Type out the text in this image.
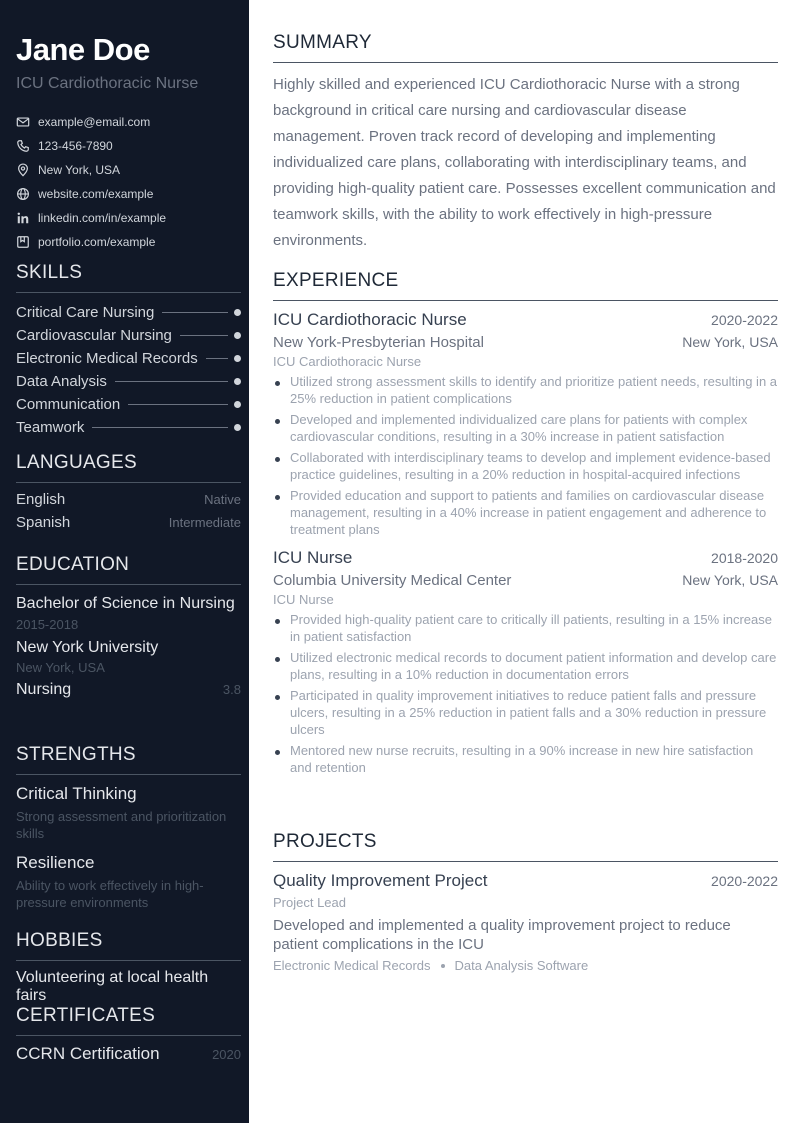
Jane Doe
ICU Cardiothoracic Nurse
example@email.com
123-456-7890
New York, USA
website.com/example
linkedin.com/in/example
portfolio.com/example
SKILLS
Critical Care Nursing
Cardiovascular Nursing
Electronic Medical Records
Data Analysis
Communication
Teamwork
LANGUAGES
English	Native
Spanish	Intermediate
EDUCATION
Bachelor of Science in Nursing
2015-2018
New York University
New York, USA
Nursing	3.8
STRENGTHS
Critical Thinking
Strong assessment and prioritization skills
Resilience
Ability to work effectively in high-pressure environments
HOBBIES
Volunteering at local health fairs
CERTIFICATES
CCRN Certification	2020
SUMMARY
Highly skilled and experienced ICU Cardiothoracic Nurse with a strong background in critical care nursing and cardiovascular disease management. Proven track record of developing and implementing individualized care plans, collaborating with interdisciplinary teams, and providing high-quality patient care. Possesses excellent communication and teamwork skills, with the ability to work effectively in high-pressure environments.
EXPERIENCE
ICU Cardiothoracic Nurse	2020-2022
New York-Presbyterian Hospital	New York, USA
ICU Cardiothoracic Nurse
Utilized strong assessment skills to identify and prioritize patient needs, resulting in a 25% reduction in patient complications
Developed and implemented individualized care plans for patients with complex cardiovascular conditions, resulting in a 30% increase in patient satisfaction
Collaborated with interdisciplinary teams to develop and implement evidence-based practice guidelines, resulting in a 20% reduction in hospital-acquired infections
Provided education and support to patients and families on cardiovascular disease management, resulting in a 40% increase in patient engagement and adherence to treatment plans
ICU Nurse	2018-2020
Columbia University Medical Center	New York, USA
ICU Nurse
Provided high-quality patient care to critically ill patients, resulting in a 15% increase in patient satisfaction
Utilized electronic medical records to document patient information and develop care plans, resulting in a 10% reduction in documentation errors
Participated in quality improvement initiatives to reduce patient falls and pressure ulcers, resulting in a 25% reduction in patient falls and a 30% reduction in pressure ulcers
Mentored new nurse recruits, resulting in a 90% increase in new hire satisfaction and retention
PROJECTS
Quality Improvement Project	2020-2022
Project Lead
Developed and implemented a quality improvement project to reduce patient complications in the ICU
Electronic Medical Records Data Analysis Software
